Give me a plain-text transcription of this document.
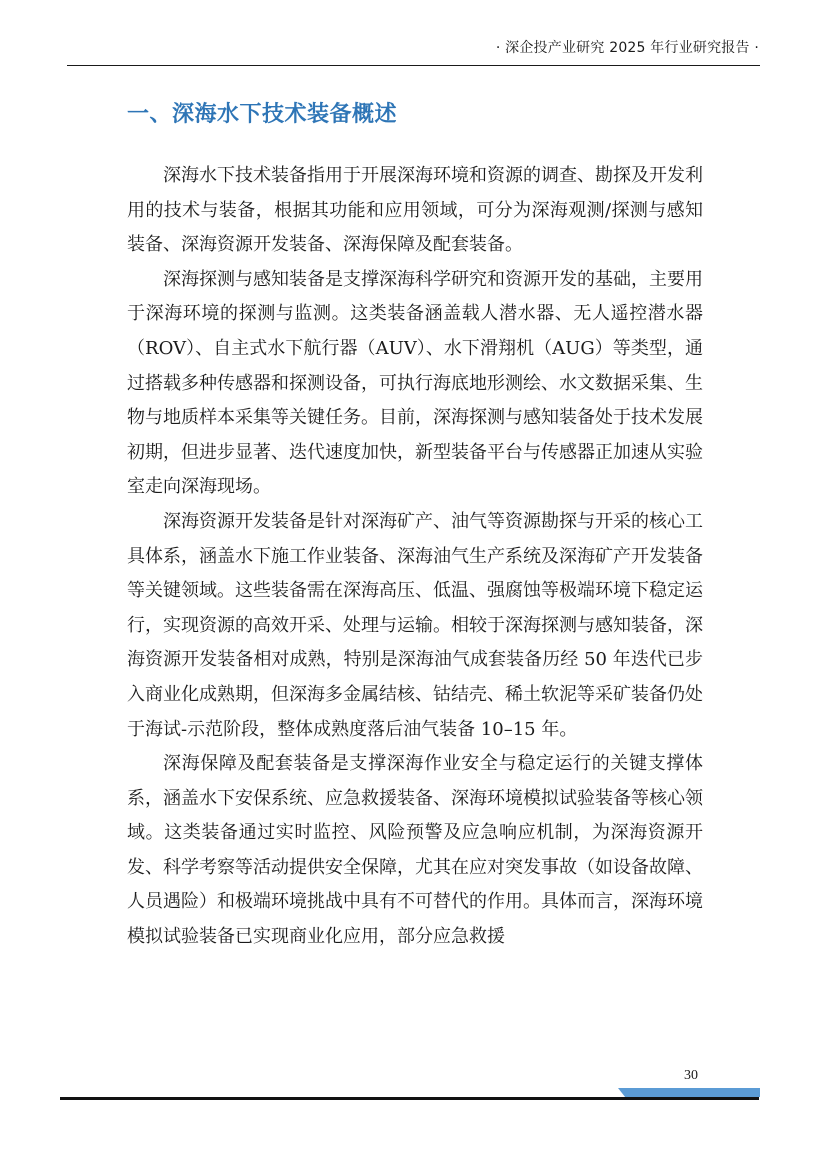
· 深企投产业研究 2025 年行业研究报告 ·
一、深海水下技术装备概述

深海水下技术装备指用于开展深海环境和资源的调查、勘探及开发利用的技术与装备，根据其功能和应用领域，可分为深海观测/探测与感知装备、深海资源开发装备、深海保障及配套装备。

深海探测与感知装备是支撑深海科学研究和资源开发的基础，主要用于深海环境的探测与监测。这类装备涵盖载人潜水器、无人遥控潜水器（ROV）、自主式水下航行器（AUV）、水下滑翔机（AUG）等类型，通过搭载多种传感器和探测设备，可执行海底地形测绘、水文数据采集、生物与地质样本采集等关键任务。目前，深海探测与感知装备处于技术发展初期，但进步显著、迭代速度加快，新型装备平台与传感器正加速从实验室走向深海现场。

深海资源开发装备是针对深海矿产、油气等资源勘探与开采的核心工具体系，涵盖水下施工作业装备、深海油气生产系统及深海矿产开发装备等关键领域。这些装备需在深海高压、低温、强腐蚀等极端环境下稳定运行，实现资源的高效开采、处理与运输。相较于深海探测与感知装备，深海资源开发装备相对成熟，特别是深海油气成套装备历经 50 年迭代已步入商业化成熟期，但深海多金属结核、钴结壳、稀土软泥等采矿装备仍处于海试-示范阶段，整体成熟度落后油气装备 10–15 年。

深海保障及配套装备是支撑深海作业安全与稳定运行的关键支撑体系，涵盖水下安保系统、应急救援装备、深海环境模拟试验装备等核心领域。这类装备通过实时监控、风险预警及应急响应机制，为深海资源开发、科学考察等活动提供安全保障，尤其在应对突发事故（如设备故障、人员遇险）和极端环境挑战中具有不可替代的作用。具体而言，深海环境模拟试验装备已实现商业化应用，部分应急救援

30
